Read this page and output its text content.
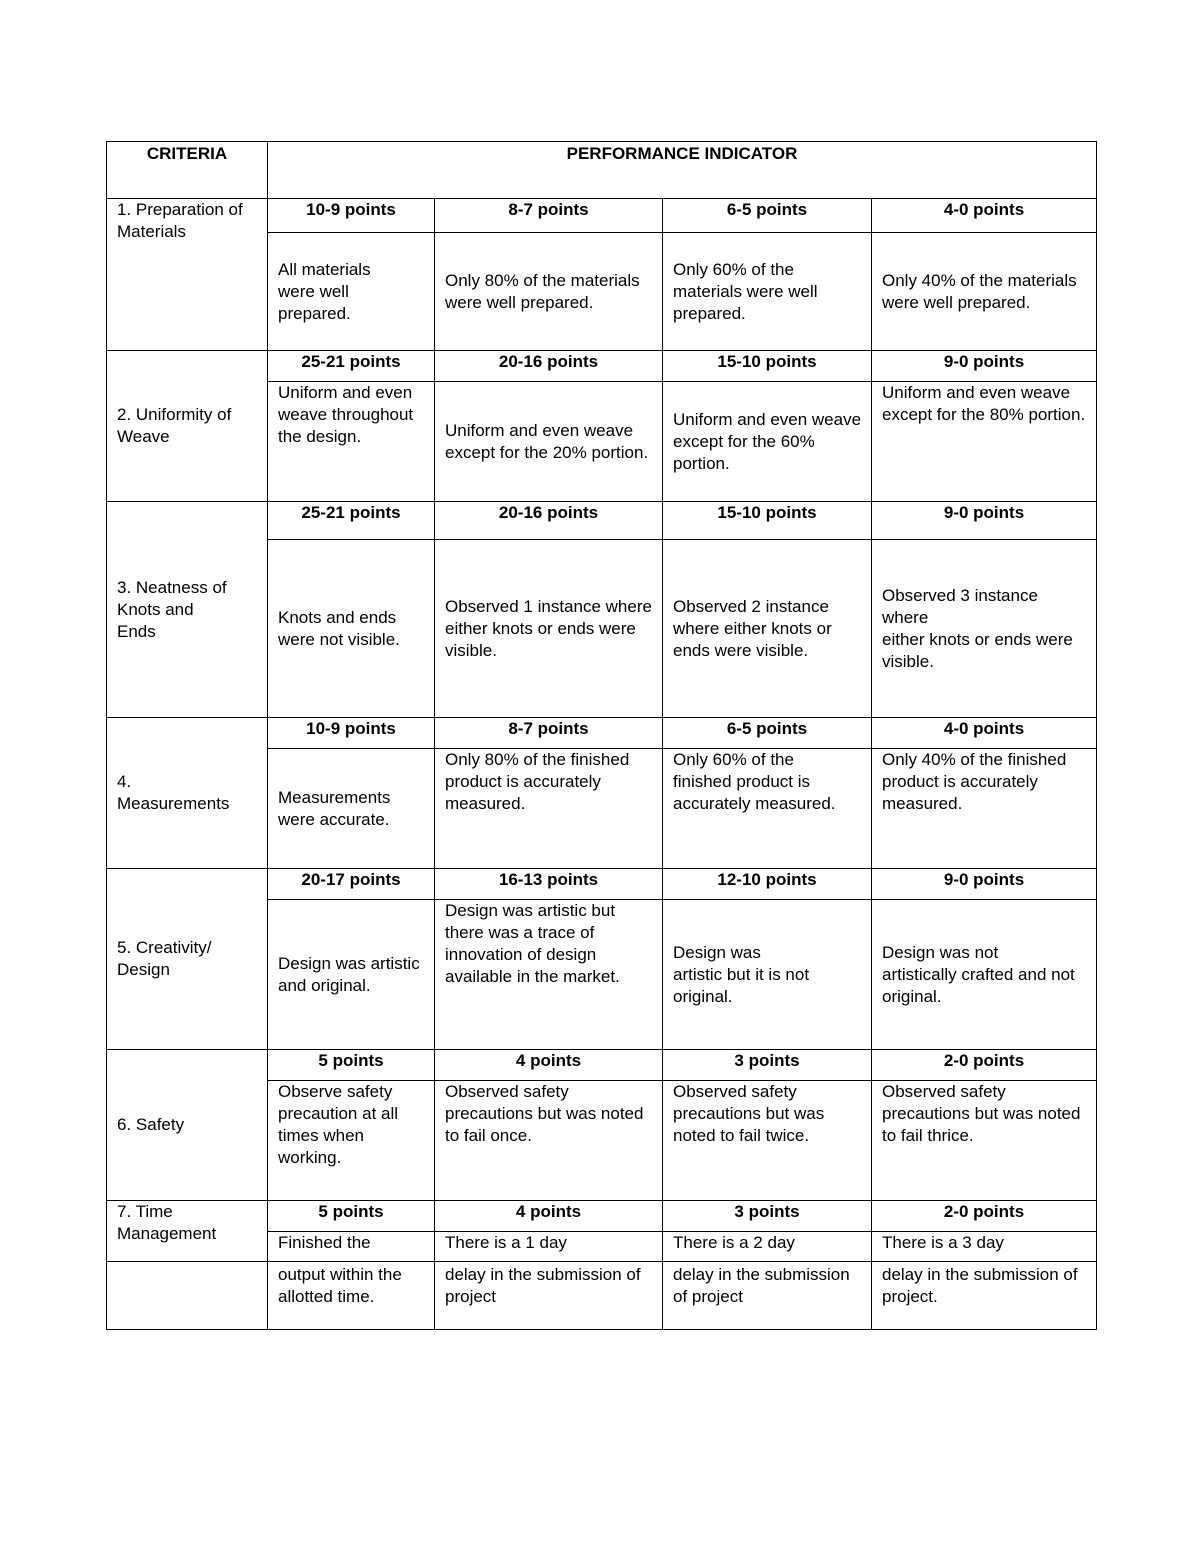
CRITERIA	PERFORMANCE INDICATOR			

1. Preparation of
Materials	10-9 points	8-7 points	6-5 points	4-0 points

	All materials
were well
prepared.	Only 80% of the materials
were well prepared.	Only 60% of the
materials were well
prepared.	Only 40% of the materials
were well prepared.

2. Uniformity of
Weave	25-21 points	20-16 points	15-10 points	9-0 points

	Uniform and even
weave throughout
the design.	Uniform and even weave
except for the 20% portion.	Uniform and even weave
except for the 60%
portion.	Uniform and even weave
except for the 80% portion.

3. Neatness of
Knots and
Ends	25-21 points	20-16 points	15-10 points	9-0 points

	Knots and ends
were not visible.	Observed 1 instance where
either knots or ends were
visible.	Observed 2 instance
where either knots or
ends were visible.	Observed 3 instance
where
either knots or ends were
visible.

4.
Measurements	10-9 points	8-7 points	6-5 points	4-0 points

	Measurements
were accurate.	Only 80% of the finished
product is accurately
measured.	Only 60% of the
finished product is
accurately measured.	Only 40% of the finished
product is accurately
measured.

5. Creativity/
Design	20-17 points	16-13 points	12-10 points	9-0 points

	Design was artistic
and original.	Design was artistic but
there was a trace of
innovation of design
available in the market.	Design was
artistic but it is not
original.	Design was not
artistically crafted and not
original.

6. Safety	5 points	4 points	3 points	2-0 points

	Observe safety
precaution at all
times when
working.	Observed safety
precautions but was noted
to fail once.	Observed safety
precautions but was
noted to fail twice.	Observed safety
precautions but was noted
to fail thrice.

7. Time
Management	5 points	4 points	3 points	2-0 points

	Finished the	There is a 1 day	There is a 2 day	There is a 3 day

	output within the
allotted time.	delay in the submission of
project	delay in the submission
of project	delay in the submission of
project.
